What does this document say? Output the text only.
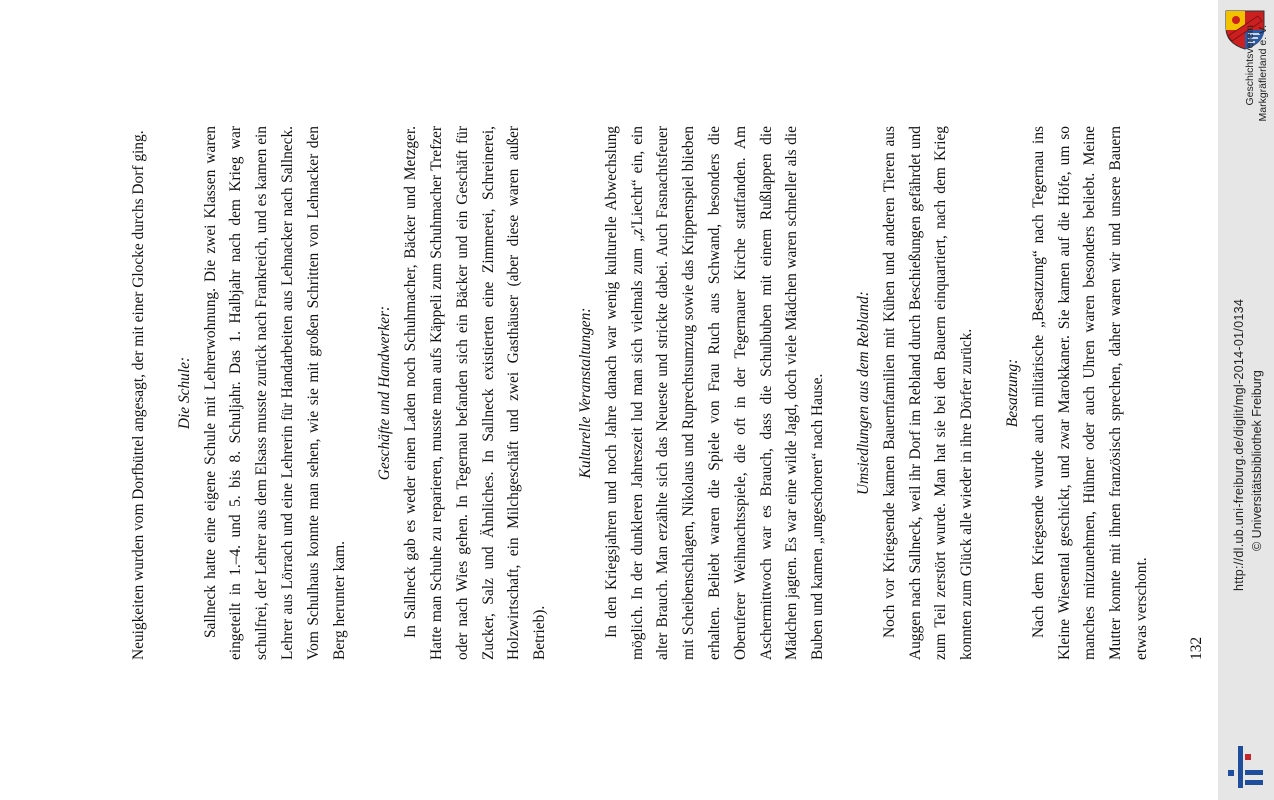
Neuigkeiten wurden vom Dorfbüttel angesagt, der mit einer Glocke durchs Dorf ging.	Die Schule: Sallneck hatte eine eigene Schule mit Lehrerwohnung. Die zwei Klassen waren eingeteilt in 1.–4. und 5. bis 8. Schuljahr. Das 1. Halbjahr nach dem Krieg war schulfrei, der Lehrer aus dem Elsass musste zurück nach Frankreich, und es kamen ein Lehrer aus Lörrach und eine Lehrerin für Handarbeiten aus Lehnacker nach Sallneck. Vom Schulhaus konnte man sehen, wie sie mit großen Schritten von Lehnacker den Berg herunter kam.

Geschäfte und Handwerker: In Sallneck gab es weder einen Laden noch Schuhmacher, Bäcker und Metzger. Hatte man Schuhe zu reparieren, musste man aufs Käppeli zum Schuhmacher Trefzer oder nach Wies gehen. In Tegernau befanden sich ein Bäcker und ein Geschäft für Zucker, Salz und Ähnliches. In Sallneck existierten eine Zimmerei, Schreinerei, Holzwirtschaft, ein Milchgeschäft und zwei Gasthäuser (aber diese waren außer Betrieb).

Kulturelle Veranstaltungen: In den Kriegsjahren und noch Jahre danach war wenig kulturelle Abwechslung möglich. In der dunkleren Jahreszeit lud man sich vielmals zum „z'Liecht“ ein, ein alter Brauch. Man erzählte sich das Neueste und strickte dabei. Auch Fasnachtsfeuer mit Scheibenschlagen, Nikolaus und Ruprechtsumzug sowie das Krippenspiel blieben erhalten. Beliebt waren die Spiele von Frau Ruch aus Schwand, besonders die Oberuferer Weihnachtsspiele, die oft in der Tegernauer Kirche stattfanden. Am Aschermittwoch war es Brauch, dass die Schulbuben mit einem Rußlappen die Mädchen jagten. Es war eine wilde Jagd, doch viele Mädchen waren schneller als die Buben und kamen „ungeschoren“ nach Hause.	Umsiedlungen aus dem Rebland: Noch vor Kriegsende kamen Bauernfamilien mit Kühen und anderen Tieren aus Auggen nach Sallneck, weil ihr Dorf im Rebland durch Beschießungen gefährdet und zum Teil zerstört wurde. Man hat sie bei den Bauern einquartiert, nach dem Krieg konnten zum Glück alle wieder in ihre Dörfer zurück.	Besatzung: Nach dem Kriegsende wurde auch militärische „Besatzung“ nach Tegernau ins Kleine Wiesental geschickt, und zwar Marokkaner. Sie kamen auf die Höfe, um so manches mitzunehmen, Hühner oder auch Uhren waren besonders beliebt. Meine Mutter konnte mit ihnen französisch sprechen, daher waren wir und unsere Bauern etwas verschont.	132
Geschichtsverein Markgräflerland e. V.
http://dl.ub.uni-freiburg.de/diglit/mgl-2014-01/0134 © Universitätsbibliothek Freiburg
